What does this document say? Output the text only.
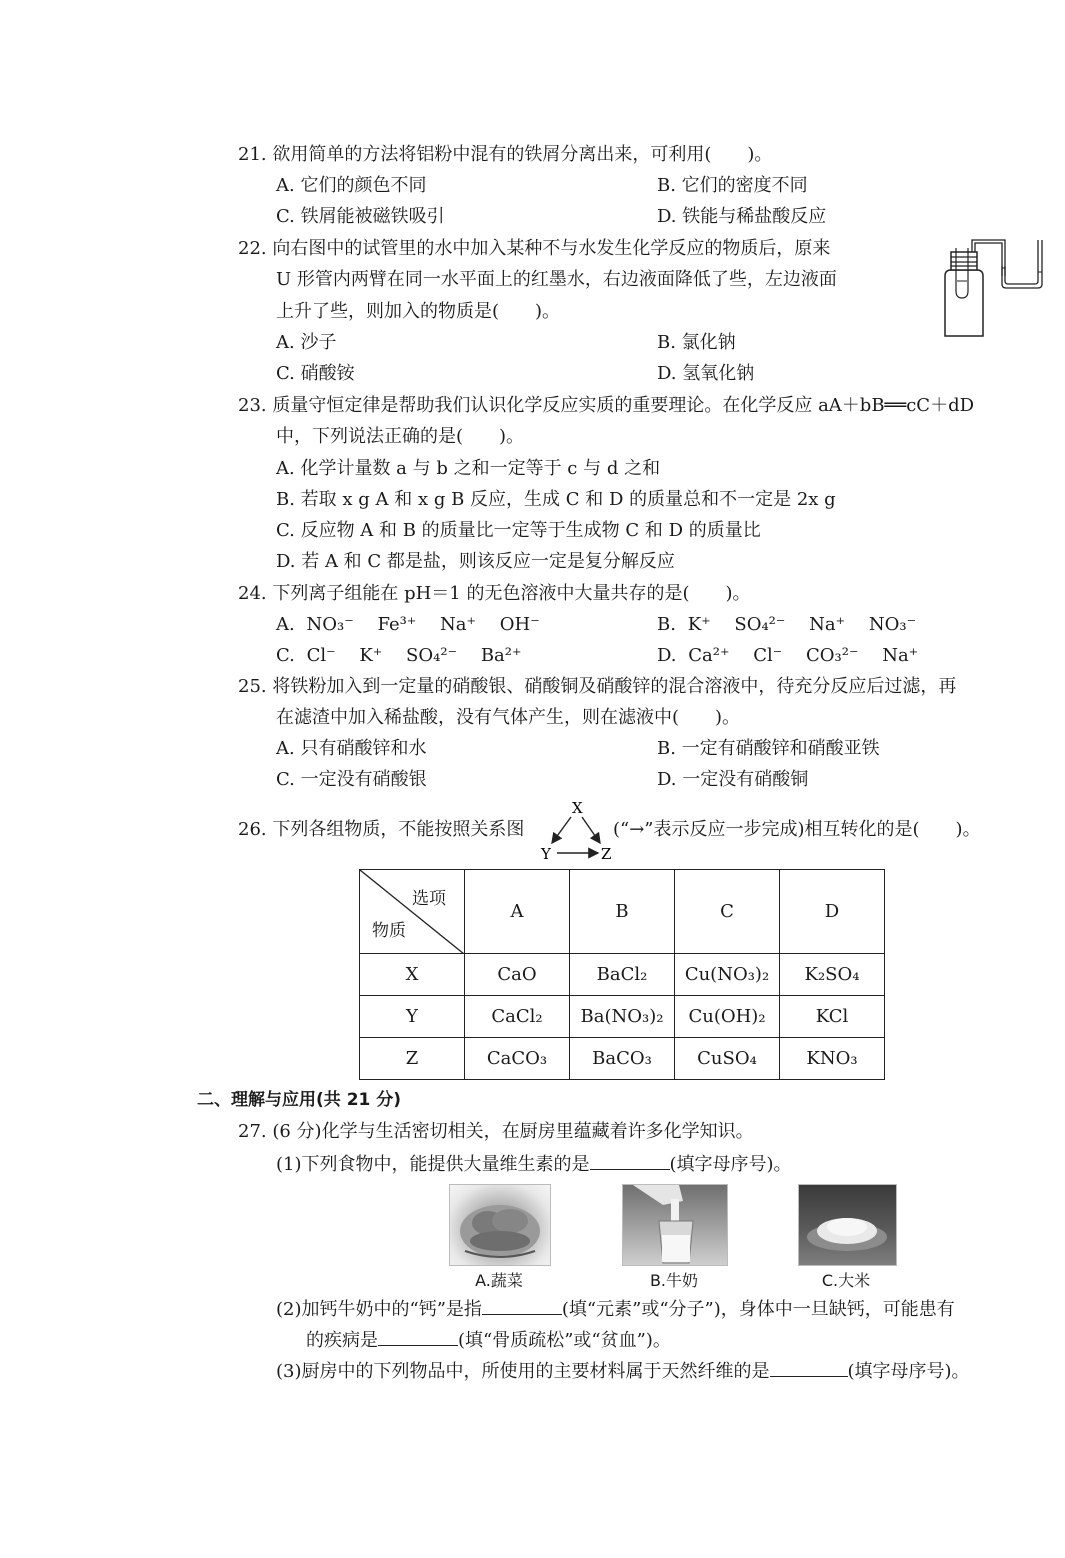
21. 欲用简单的方法将铝粉中混有的铁屑分离出来，可利用(　　)。
A. 它们的颜色不同	B. 它们的密度不同
C. 铁屑能被磁铁吸引	D. 铁能与稀盐酸反应
22. 向右图中的试管里的水中加入某种不与水发生化学反应的物质后，原来
U 形管内两臂在同一水平面上的红墨水，右边液面降低了些，左边液面
上升了些，则加入的物质是(　　)。
A. 沙子	B. 氯化钠
C. 硝酸铵	D. 氢氧化钠
23. 质量守恒定律是帮助我们认识化学反应实质的重要理论。在化学反应 aA＋bB══cC＋dD
中，下列说法正确的是(　　)。
A. 化学计量数 a 与 b 之和一定等于 c 与 d 之和
B. 若取 x g A 和 x g B 反应，生成 C 和 D 的质量总和不一定是 2x g
C. 反应物 A 和 B 的质量比一定等于生成物 C 和 D 的质量比
D. 若 A 和 C 都是盐，则该反应一定是复分解反应
24. 下列离子组能在 pH＝1 的无色溶液中大量共存的是(　　)。
A. NO₃⁻ Fe³⁺ Na⁺ OH⁻	B. K⁺ SO₄²⁻ Na⁺ NO₃⁻
C. Cl⁻ K⁺ SO₄²⁻ Ba²⁺	D. Ca²⁺ Cl⁻ CO₃²⁻ Na⁺
25. 将铁粉加入到一定量的硝酸银、硝酸铜及硝酸锌的混合溶液中，待充分反应后过滤，再
在滤渣中加入稀盐酸，没有气体产生，则在滤液中(　　)。
A. 只有硝酸锌和水	B. 一定有硝酸锌和硝酸亚铁
C. 一定没有硝酸银	D. 一定没有硝酸铜
26. 下列各组物质，不能按照关系图
X
Y	Z
(“→”表示反应一步完成)相互转化的是(　　)。
选项
物质	A	B	C	D
X	CaO	BaCl₂	Cu(NO₃)₂	K₂SO₄
Y	CaCl₂	Ba(NO₃)₂	Cu(OH)₂	KCl
Z	CaCO₃	BaCO₃	CuSO₄	KNO₃
二、理解与应用(共 21 分)
27. (6 分)化学与生活密切相关，在厨房里蕴藏着许多化学知识。
(1)下列食物中，能提供大量维生素的是	(填字母序号)。
A.蔬菜	B.牛奶	C.大米
(2)加钙牛奶中的“钙”是指	(填“元素”或“分子”)，身体中一旦缺钙，可能患有
的疾病是	(填“骨质疏松”或“贫血”)。
(3)厨房中的下列物品中，所使用的主要材料属于天然纤维的是	(填字母序号)。
